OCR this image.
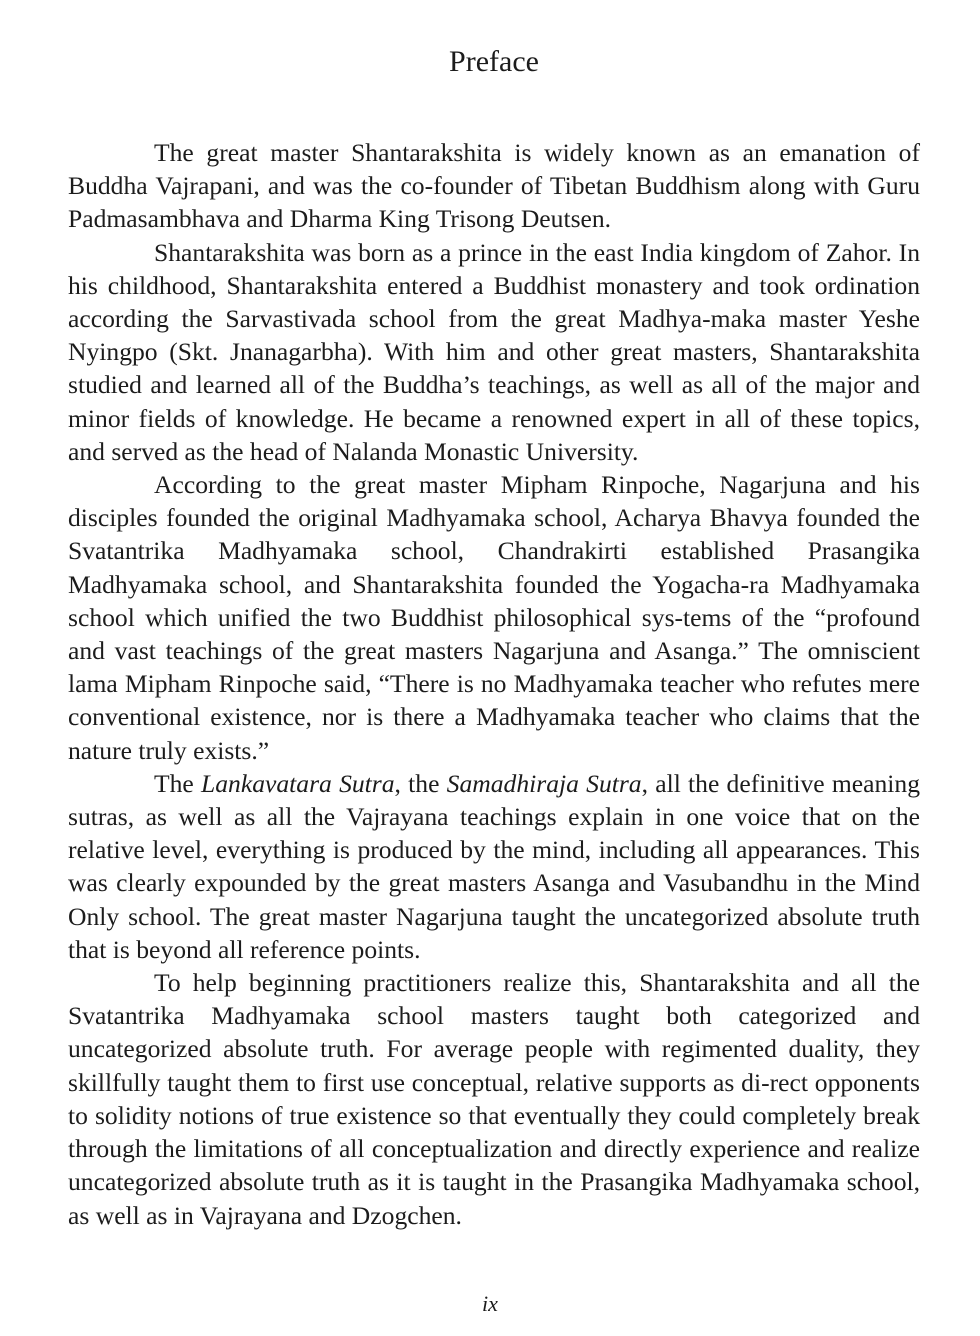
Preface

The great master Shantarakshita is widely known as an emanation of Buddha Vajrapani, and was the co-founder of Tibetan Buddhism along with Guru Padmasambhava and Dharma King Trisong Deutsen.

Shantarakshita was born as a prince in the east India kingdom of Zahor. In his childhood, Shantarakshita entered a Buddhist monastery and took ordination according the Sarvastivada school from the great Madhya-maka master Yeshe Nyingpo (Skt. Jnanagarbha). With him and other great masters, Shantarakshita studied and learned all of the Buddha’s teachings, as well as all of the major and minor fields of knowledge. He became a renowned expert in all of these topics, and served as the head of Nalanda Monastic University.

According to the great master Mipham Rinpoche, Nagarjuna and his disciples founded the original Madhyamaka school, Acharya Bhavya founded the Svatantrika Madhyamaka school, Chandrakirti established Prasangika Madhyamaka school, and Shantarakshita founded the Yogacha-ra Madhyamaka school which unified the two Buddhist philosophical sys-tems of the “profound and vast teachings of the great masters Nagarjuna and Asanga.” The omniscient lama Mipham Rinpoche said, “There is no Madhyamaka teacher who refutes mere conventional existence, nor is there a Madhyamaka teacher who claims that the nature truly exists.”

The Lankavatara Sutra, the Samadhiraja Sutra, all the definitive meaning sutras, as well as all the Vajrayana teachings explain in one voice that on the relative level, everything is produced by the mind, including all appearances. This was clearly expounded by the great masters Asanga and Vasubandhu in the Mind Only school. The great master Nagarjuna taught the uncategorized absolute truth that is beyond all reference points.

To help beginning practitioners realize this, Shantarakshita and all the Svatantrika Madhyamaka school masters taught both categorized and uncategorized absolute truth. For average people with regimented duality, they skillfully taught them to first use conceptual, relative supports as di-rect opponents to solidity notions of true existence so that eventually they could completely break through the limitations of all conceptualization and directly experience and realize uncategorized absolute truth as it is taught in the Prasangika Madhyamaka school, as well as in Vajrayana and Dzogchen.

ix
